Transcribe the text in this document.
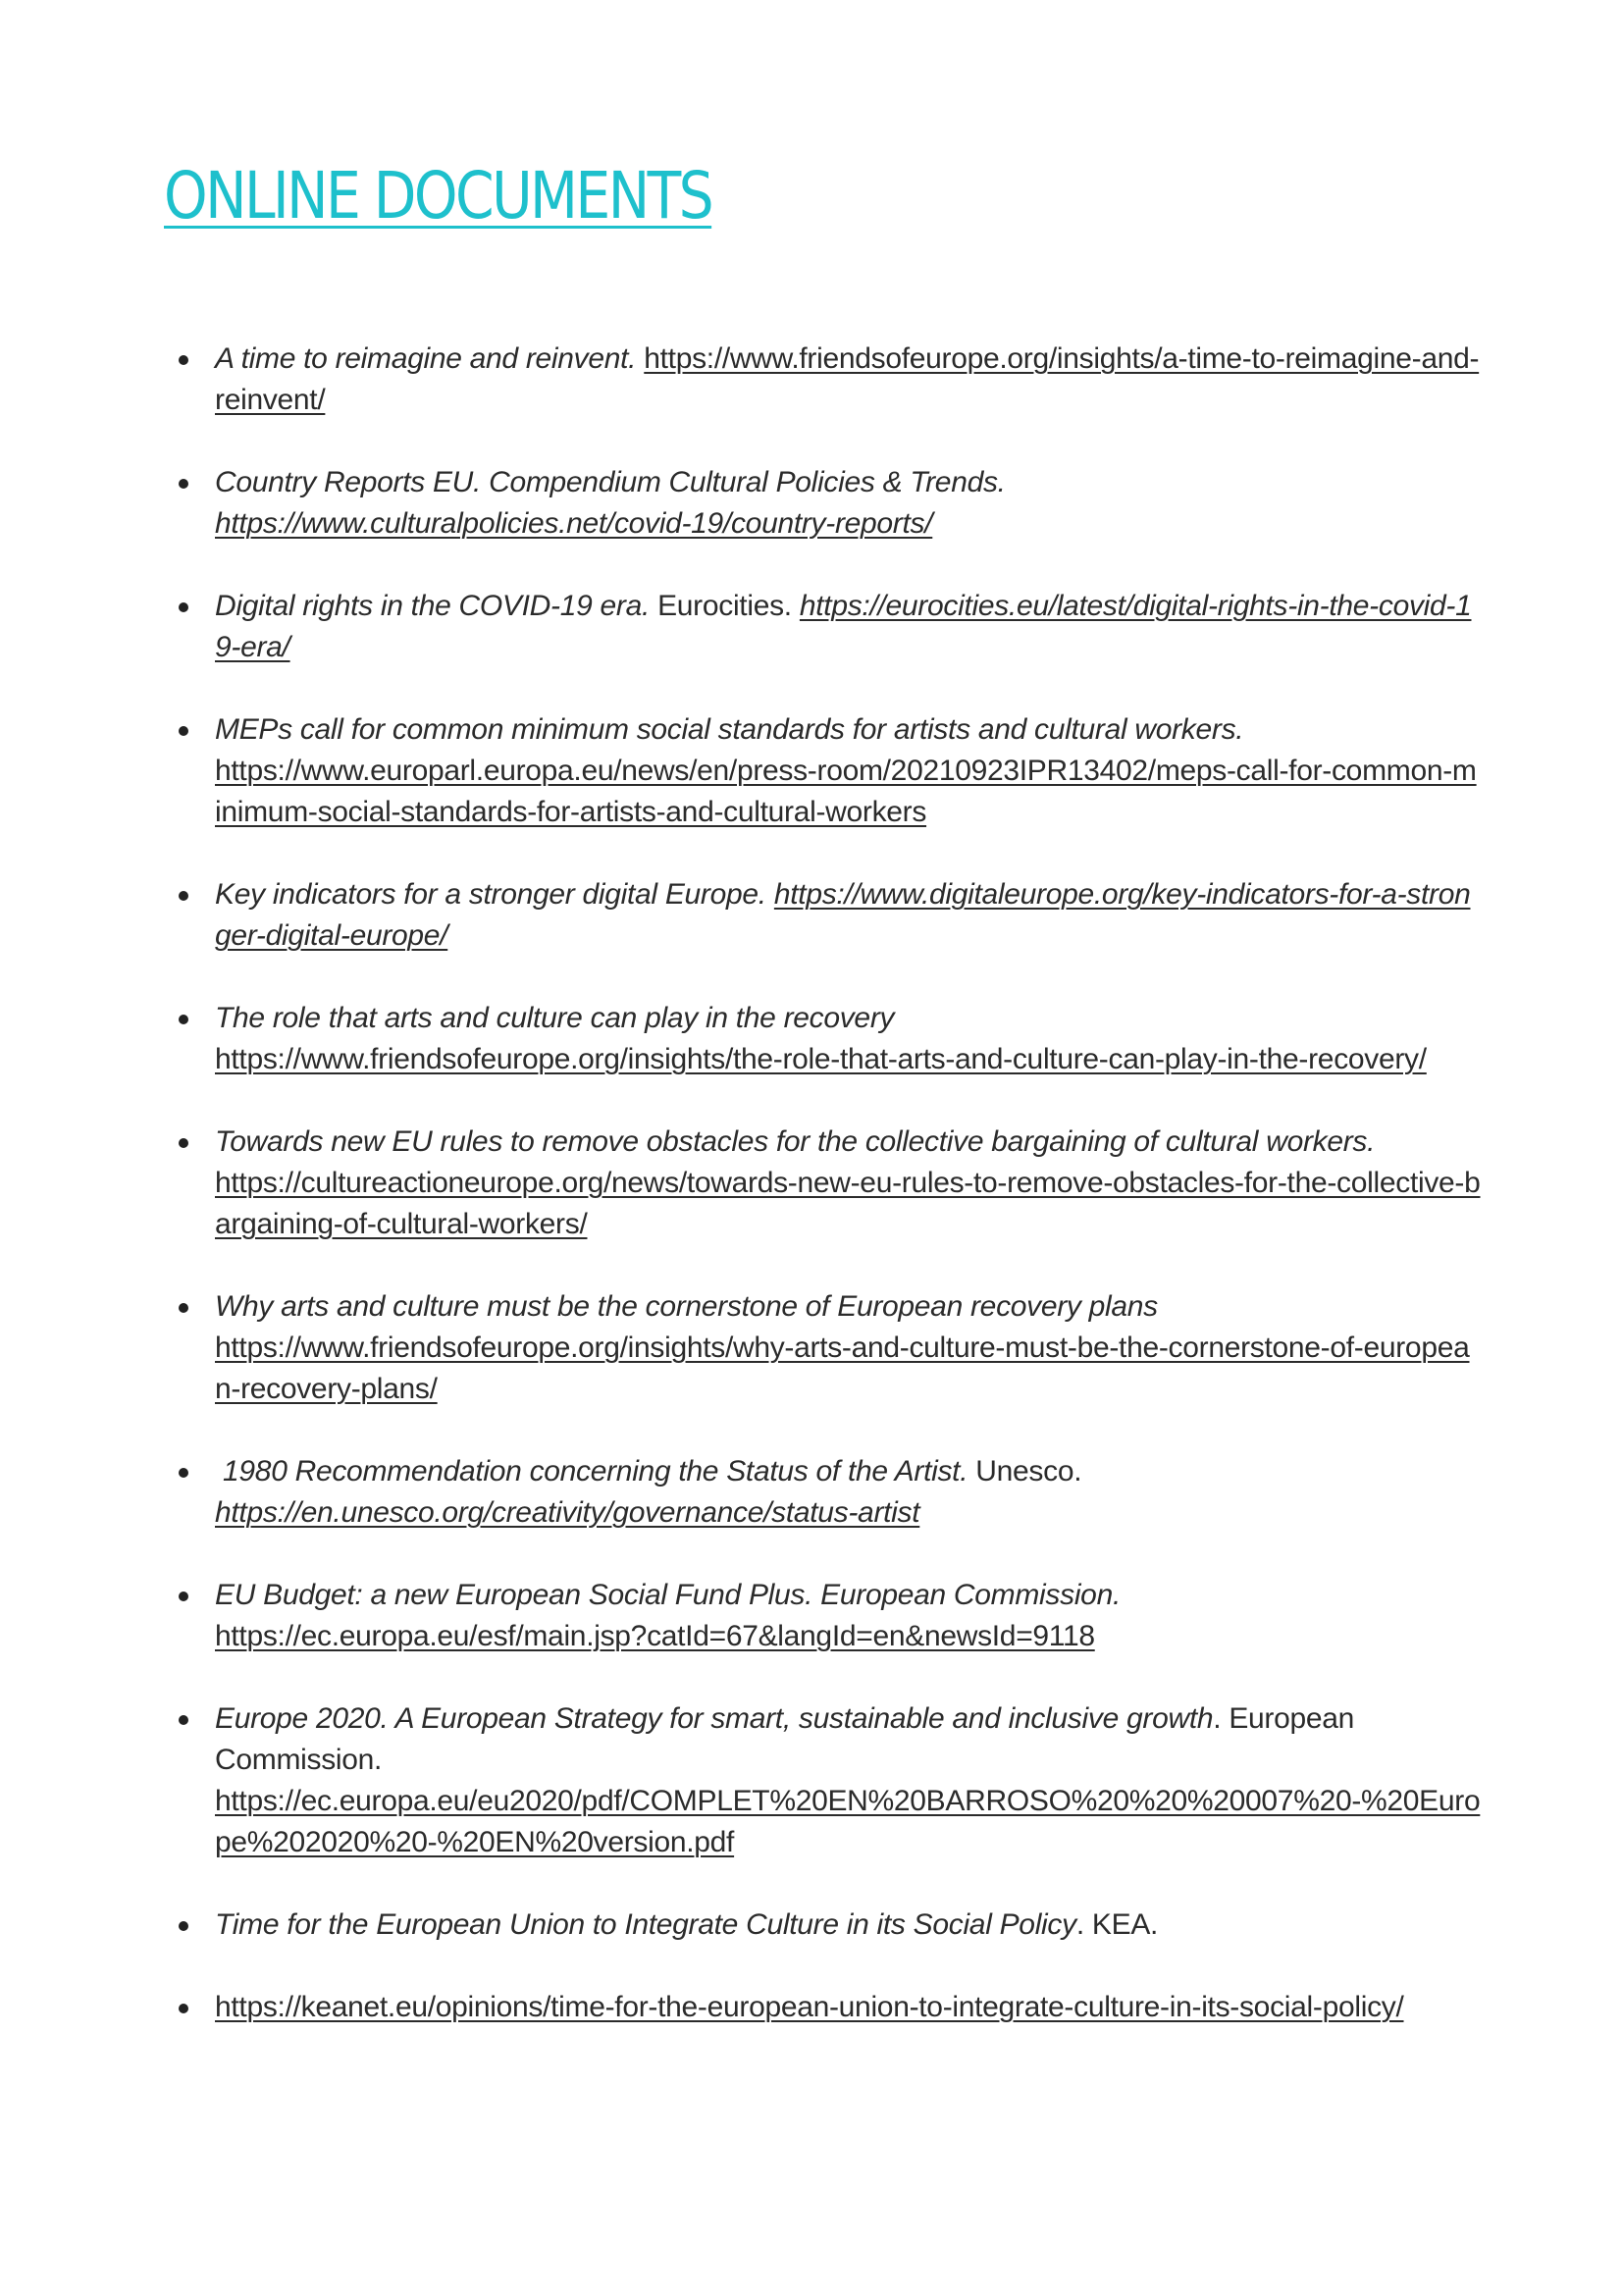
ONLINE DOCUMENTS
A time to reimagine and reinvent. https://www.friendsofeurope.org/insights/a-time-to-reimagine-and-reinvent/
Country Reports EU. Compendium Cultural Policies & Trends.
https://www.culturalpolicies.net/covid-19/country-reports/
Digital rights in the COVID-19 era. Eurocities. https://eurocities.eu/latest/digital-rights-in-the-covid-19-era/
MEPs call for common minimum social standards for artists and cultural workers.
https://www.europarl.europa.eu/news/en/press-room/20210923IPR13402/meps-call-for-common-minimum-social-standards-for-artists-and-cultural-workers
Key indicators for a stronger digital Europe. https://www.digitaleurope.org/key-indicators-for-a-stronger-digital-europe/
The role that arts and culture can play in the recovery
https://www.friendsofeurope.org/insights/the-role-that-arts-and-culture-can-play-in-the-recovery/
Towards new EU rules to remove obstacles for the collective bargaining of cultural workers.
https://cultureactioneurope.org/news/towards-new-eu-rules-to-remove-obstacles-for-the-collective-bargaining-of-cultural-workers/
Why arts and culture must be the cornerstone of European recovery plans
https://www.friendsofeurope.org/insights/why-arts-and-culture-must-be-the-cornerstone-of-european-recovery-plans/
1980 Recommendation concerning the Status of the Artist. Unesco.
https://en.unesco.org/creativity/governance/status-artist
EU Budget: a new European Social Fund Plus. European Commission.
https://ec.europa.eu/esf/main.jsp?catId=67&langId=en&newsId=9118
Europe 2020. A European Strategy for smart, sustainable and inclusive growth. European Commission.
https://ec.europa.eu/eu2020/pdf/COMPLET%20EN%20BARROSO%20%20%20007%20-%20Europe%202020%20-%20EN%20version.pdf
Time for the European Union to Integrate Culture in its Social Policy. KEA.
https://keanet.eu/opinions/time-for-the-european-union-to-integrate-culture-in-its-social-policy/
